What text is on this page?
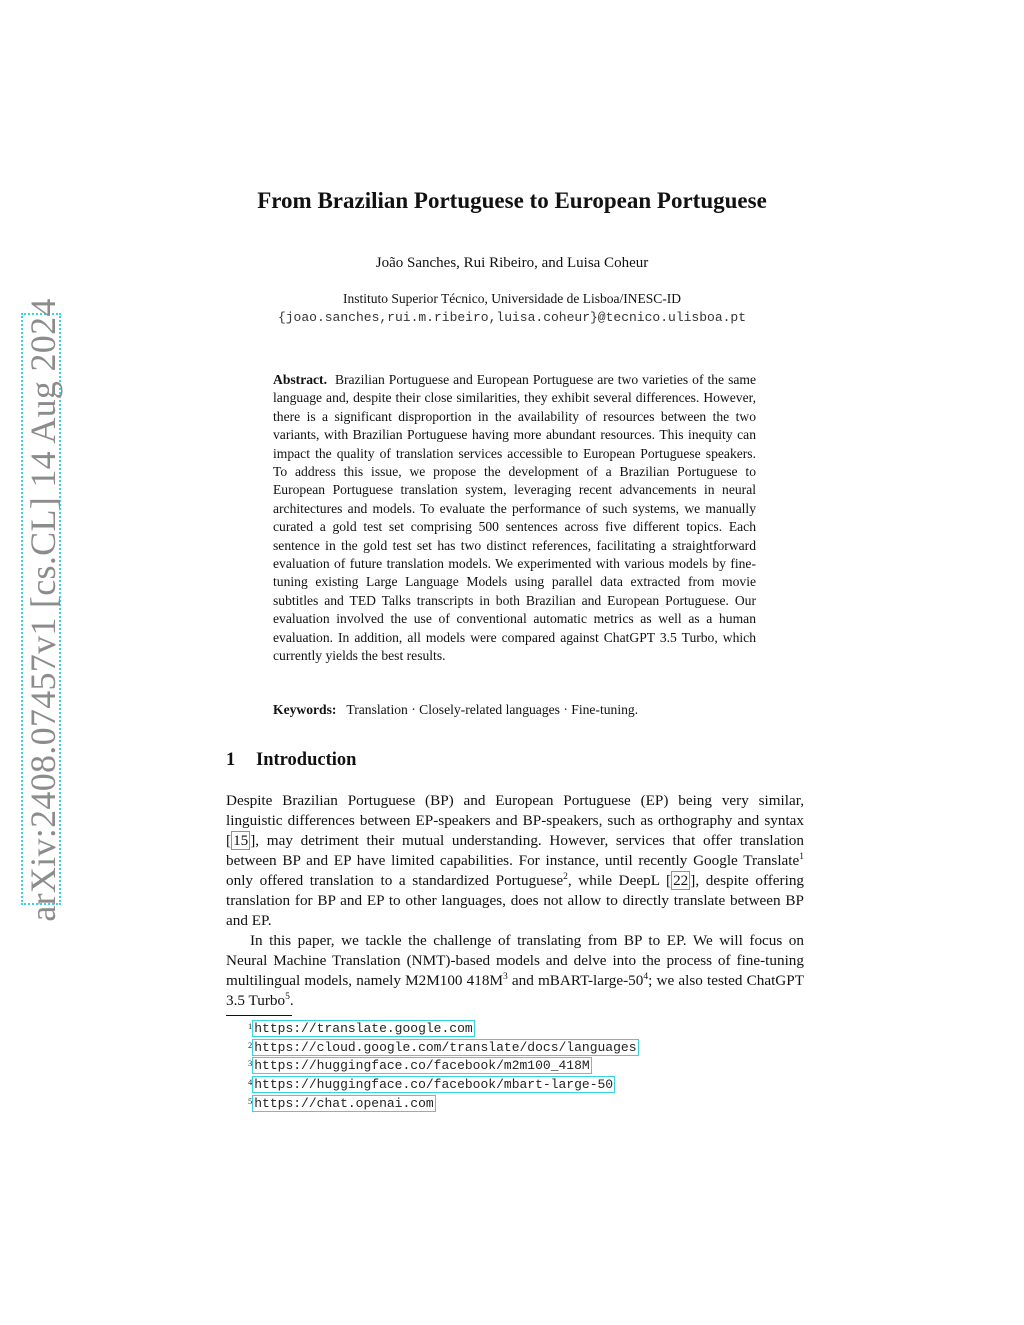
arXiv:2408.07457v1 [cs.CL] 14 Aug 2024
From Brazilian Portuguese to European Portuguese
João Sanches, Rui Ribeiro, and Luisa Coheur
Instituto Superior Técnico, Universidade de Lisboa/INESC-ID
{joao.sanches,rui.m.ribeiro,luisa.coheur}@tecnico.ulisboa.pt

Abstract. Brazilian Portuguese and European Portuguese are two varieties of the same language and, despite their close similarities, they exhibit several differences. However, there is a significant disproportion in the availability of resources between the two variants, with Brazilian Portuguese having more abundant resources. This inequity can impact the quality of translation services accessible to European Portuguese speakers. To address this issue, we propose the development of a Brazilian Portuguese to European Portuguese translation system, leveraging recent advancements in neural architectures and models. To evaluate the performance of such systems, we manually curated a gold test set comprising 500 sentences across five different topics. Each sentence in the gold test set has two distinct references, facilitating a straightforward evaluation of future translation models. We experimented with various models by fine-tuning existing Large Language Models using parallel data extracted from movie subtitles and TED Talks transcripts in both Brazilian and European Portuguese. Our evaluation involved the use of conventional automatic metrics as well as a human evaluation. In addition, all models were compared against ChatGPT 3.5 Turbo, which currently yields the best results.

Keywords: Translation · Closely-related languages · Fine-tuning.
1 Introduction

Despite Brazilian Portuguese (BP) and European Portuguese (EP) being very similar, linguistic differences between EP-speakers and BP-speakers, such as orthography and syntax [ 15 ], may detriment their mutual understanding. However, services that offer translation between BP and EP have limited capabilities. For instance, until recently Google Translate$^1$ only offered translation to a standardized Portuguese$^2$, while DeepL [ 22 ], despite offering translation for BP and EP to other languages, does not allow to directly translate between BP and EP.

In this paper, we tackle the challenge of translating from BP to EP. We will focus on Neural Machine Translation (NMT)-based models and delve into the process of fine-tuning multilingual models, namely M2M100 $418M^3$ and mBART-$large-50^4$; we also tested ChatGPT 3.5 Turbo$^5$.

$^1$ https://translate.google.com
$^2$ https://cloud.google.com/translate/docs/languages
$^3$ https://huggingface.co/facebook/m2m100_418M
$^4$ https://huggingface.co/facebook/mbart-large-50
$^5$ https://chat.openai.com
